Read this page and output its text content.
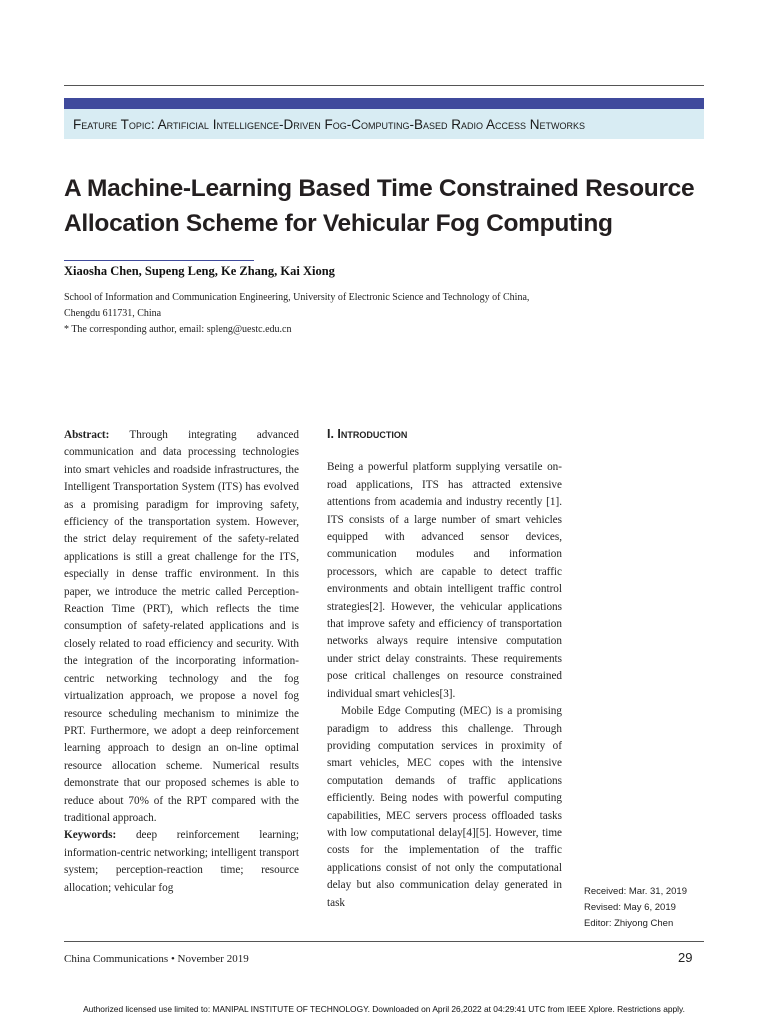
Feature Topic: Artificial Intelligence-Driven Fog-Computing-Based Radio Access Networks
A Machine-Learning Based Time Constrained Resource
Allocation Scheme for Vehicular Fog Computing
Xiaosha Chen, Supeng Leng, Ke Zhang, Kai Xiong
School of Information and Communication Engineering, University of Electronic Science and Technology of China,
Chengdu 611731, China
* The corresponding author, email: spleng@uestc.edu.cn

Abstract: Through integrating advanced communication and data processing technologies into smart vehicles and roadside infrastructures, the Intelligent Transportation System (ITS) has evolved as a promising paradigm for improving safety, efficiency of the transportation system. However, the strict delay requirement of the safety-related applications is still a great challenge for the ITS, especially in dense traffic environment. In this paper, we introduce the metric called Perception-Reaction Time (PRT), which reflects the time consumption of safety-related applications and is closely related to road efficiency and security. With the integration of the incorporating information-centric networking technology and the fog virtualization approach, we propose a novel fog resource scheduling mechanism to minimize the PRT. Furthermore, we adopt a deep reinforcement learning approach to design an on-line optimal resource allocation scheme. Numerical results demonstrate that our proposed schemes is able to reduce about 70% of the RPT compared with the traditional approach.

Keywords: deep reinforcement learning; information-centric networking; intelligent transport system; perception-reaction time; resource allocation; vehicular fog

I. Introduction

Being a powerful platform supplying versatile on-road applications, ITS has attracted extensive attentions from academia and industry recently [1]. ITS consists of a large number of smart vehicles equipped with advanced sensor devices, communication modules and information processors, which are capable to detect traffic environments and obtain intelligent traffic control strategies[2]. However, the vehicular applications that improve safety and efficiency of transportation networks always require intensive computation under strict delay constraints. These requirements pose critical challenges on resource constrained individual smart vehicles[3].

Mobile Edge Computing (MEC) is a promising paradigm to address this challenge. Through providing computation services in proximity of smart vehicles, MEC copes with the intensive computation demands of traffic applications efficiently. Being nodes with powerful computing capabilities, MEC servers process offloaded tasks with low computational delay[4][5]. However, time costs for the implementation of the traffic applications consist of not only the computational delay but also communication delay generated in task

Received: Mar. 31, 2019
Revised: May 6, 2019
Editor: Zhiyong Chen
China Communications • November 2019	29
Authorized licensed use limited to: MANIPAL INSTITUTE OF TECHNOLOGY. Downloaded on April 26,2022 at 04:29:41 UTC from IEEE Xplore. Restrictions apply.
